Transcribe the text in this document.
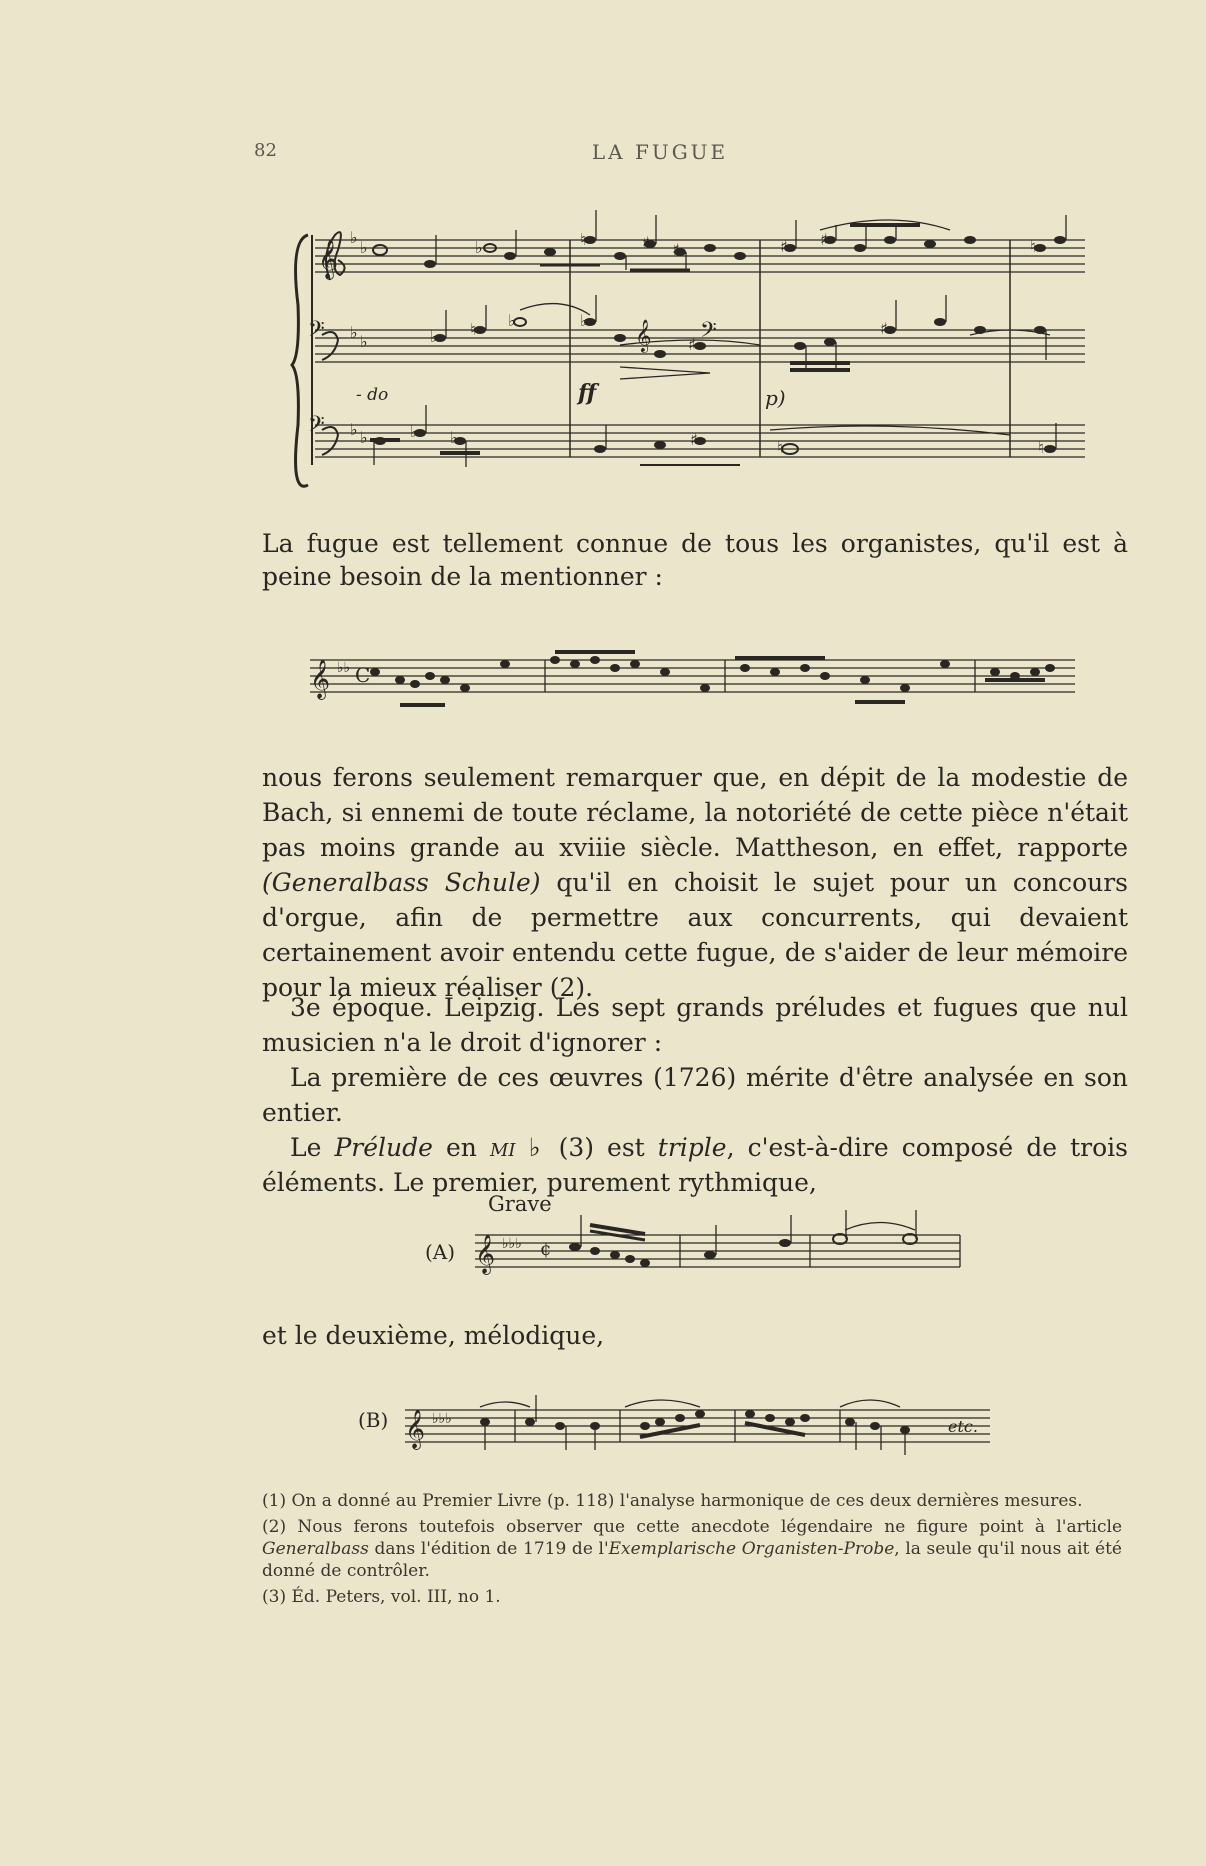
82	LA FUGUE
♭
♭	♭	♮	♯ ♯	♯ ♯	♮
♭ ♭	♭ ♮ ♭	♭
♯
♯
♭ ♭	♭ ♭	♯	♮	♮
𝄢
𝄢
𝄢
𝄞
𝄞
- do	ff	p)

La fugue est tellement connue de tous les organistes, qu'il est à peine besoin de la mentionner :

𝄞 ♭♭ C

nous ferons seulement remarquer que, en dépit de la modestie de Bach, si ennemi de toute réclame, la notoriété de cette pièce n'était pas moins grande au xviiie siècle. Mattheson, en effet, rapporte (Generalbass Schule) qu'il en choisit le sujet pour un concours d'orgue, afin de permettre aux concurrents, qui devaient certainement avoir entendu cette fugue, de s'aider de leur mémoire pour la mieux réaliser (2).

3e époque. Leipzig. Les sept grands préludes et fugues que nul musicien n'a le droit d'ignorer :
La première de ces œuvres (1726) mérite d'être analysée en son entier.
Le Prélude en mi ♭ (3) est triple, c'est-à-dire composé de trois éléments. Le premier, purement rythmique,
Grave
(A) 𝄞 ♭♭♭ ¢

et le deuxième, mélodique,

(B) 𝄞 ♭♭♭	etc.

(1) On a donné au Premier Livre (p. 118) l'analyse harmonique de ces deux dernières mesures.

(2) Nous ferons toutefois observer que cette anecdote légendaire ne figure point à l'article Generalbass dans l'édition de 1719 de l'Exemplarische Organisten-Probe, la seule qu'il nous ait été donné de contrôler.

(3) Éd. Peters, vol. III, no 1.
